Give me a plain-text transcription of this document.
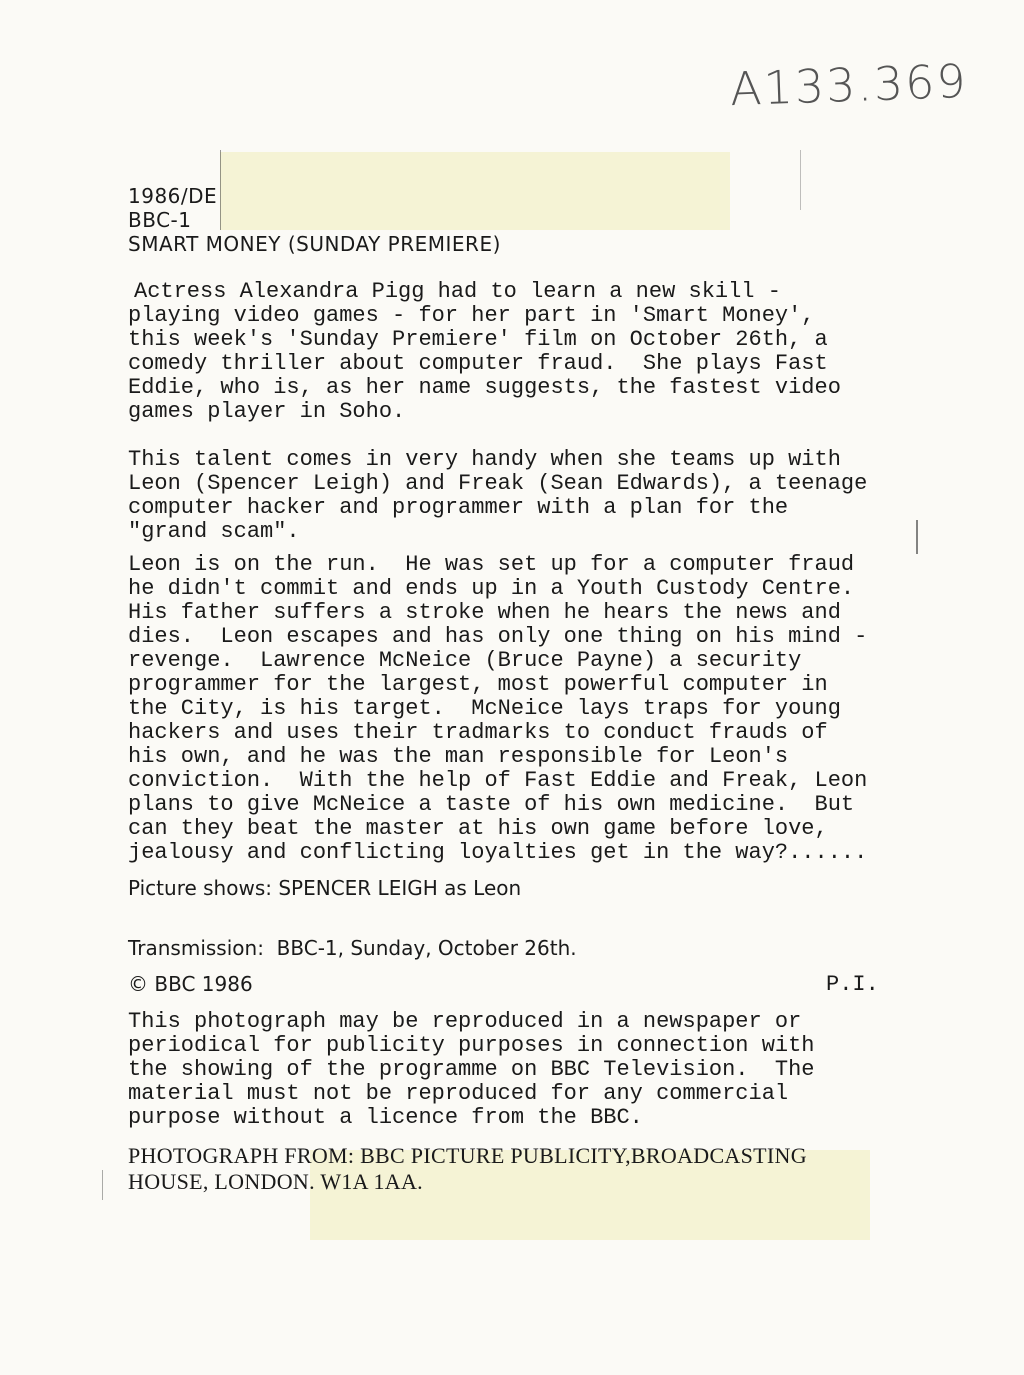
A133.369
1986/DE
BBC-1
SMART MONEY (SUNDAY PREMIERE)
Actress Alexandra Pigg had to learn a new skill -
playing video games - for her part in 'Smart Money',
this week's 'Sunday Premiere' film on October 26th, a
comedy thriller about computer fraud.  She plays Fast
Eddie, who is, as her name suggests, the fastest video
games player in Soho.
This talent comes in very handy when she teams up with
Leon (Spencer Leigh) and Freak (Sean Edwards), a teenage
computer hacker and programmer with a plan for the
"grand scam".
Leon is on the run.  He was set up for a computer fraud
he didn't commit and ends up in a Youth Custody Centre.
His father suffers a stroke when he hears the news and
dies.  Leon escapes and has only one thing on his mind -
revenge.  Lawrence McNeice (Bruce Payne) a security
programmer for the largest, most powerful computer in
the City, is his target.  McNeice lays traps for young
hackers and uses their tradmarks to conduct frauds of
his own, and he was the man responsible for Leon's
conviction.  With the help of Fast Eddie and Freak, Leon
plans to give McNeice a taste of his own medicine.  But
can they beat the master at his own game before love,
jealousy and conflicting loyalties get in the way?......
Picture shows: SPENCER LEIGH as Leon
Transmission:  BBC-1, Sunday, October 26th.
© BBC 1986	P.I.
This photograph may be reproduced in a newspaper or
periodical for publicity purposes in connection with
the showing of the programme on BBC Television.  The
material must not be reproduced for any commercial
purpose without a licence from the BBC.
PHOTOGRAPH FROM: BBC PICTURE PUBLICITY,BROADCASTING
HOUSE, LONDON. W1A 1AA.
